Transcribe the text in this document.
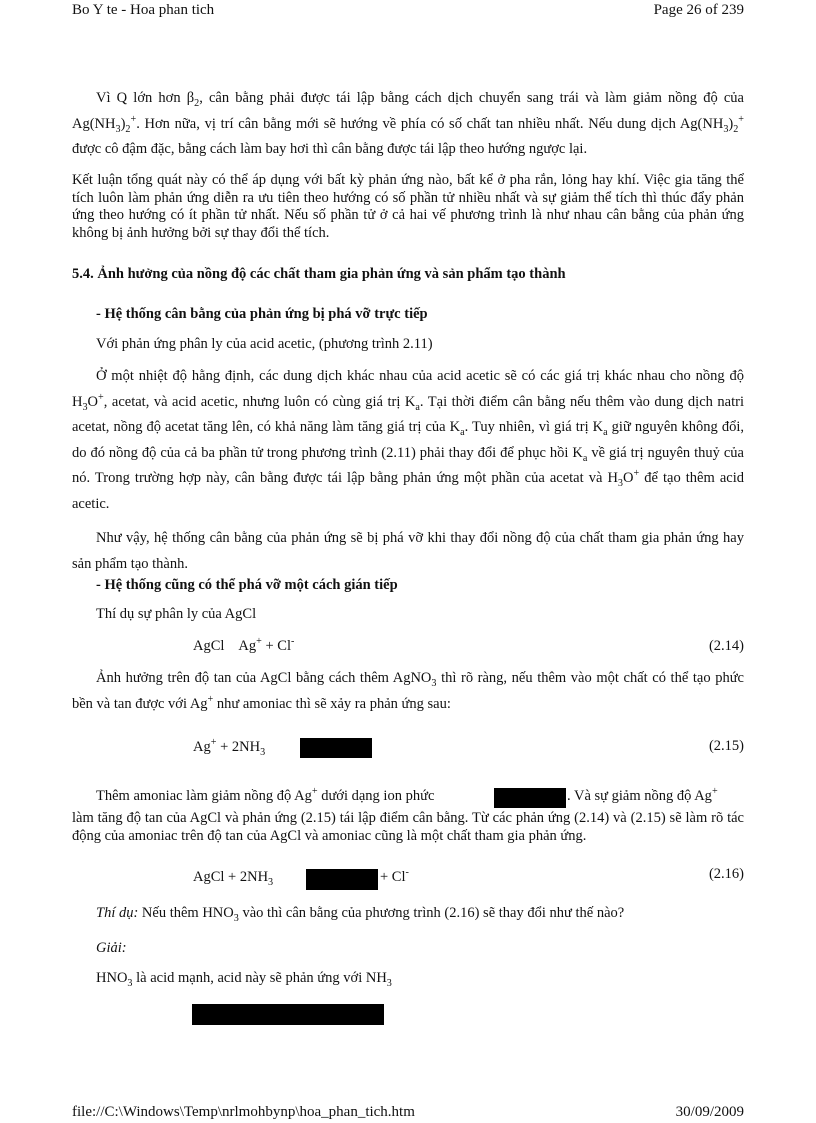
Bo Y te - Hoa phan tich	Page 26 of 239
Vì Q lớn hơn $\beta_2$, cân bằng phải được tái lập bằng cách dịch chuyển sang trái và làm giảm nồng độ của $Ag(NH_3)_2^+$. Hơn nữa, vị trí cân bằng mới sẽ hướng về phía có số chất tan nhiều nhất. Nếu dung dịch $Ag(NH_3)_2^+$ được cô đậm đặc, bằng cách làm bay hơi thì cân bằng được tái lập theo hướng ngược lại.
Kết luận tổng quát này có thể áp dụng với bất kỳ phản ứng nào, bất kể ở pha rắn, lỏng hay khí. Việc gia tăng thể tích luôn làm phản ứng diễn ra ưu tiên theo hướng có số phần tử nhiều nhất và sự giảm thể tích thì thúc đẩy phản ứng theo hướng có ít phần tử nhất. Nếu số phần tử ở cả hai vế phương trình là như nhau cân bằng của phản ứng không bị ảnh hưởng bởi sự thay đổi thể tích.
5.4. Ảnh hưởng của nồng độ các chất tham gia phản ứng và sản phẩm tạo thành
- Hệ thống cân bằng của phản ứng bị phá vỡ trực tiếp
Với phản ứng phân ly của acid acetic, (phương trình 2.11)
Ở một nhiệt độ hằng định, các dung dịch khác nhau của acid acetic sẽ có các giá trị khác nhau cho nồng độ $H_3O^+$, acetat, và acid acetic, nhưng luôn có cùng giá trị $K_a$. Tại thời điểm cân bằng nếu thêm vào dung dịch natri acetat, nồng độ acetat tăng lên, có khả năng làm tăng giá trị của $K_a$. Tuy nhiên, vì giá trị $K_a$ giữ nguyên không đổi, do đó nồng độ của cả ba phần tử trong phương trình (2.11) phải thay đổi để phục hồi $K_a$ về giá trị nguyên thuỷ của nó. Trong trường hợp này, cân bằng được tái lập bằng phản ứng một phần của acetat và $H_3O^+$ để tạo thêm acid acetic.
Như vậy, hệ thống cân bằng của phản ứng sẽ bị phá vỡ khi thay đổi nồng độ của chất tham gia phản ứng hay sản phẩm tạo thành.
- Hệ thống cũng có thể phá vỡ một cách gián tiếp
Thí dụ sự phân ly của AgCl
AgCl Ag+ + Cl-	(2.14)
Ảnh hưởng trên độ tan của AgCl bằng cách thêm AgNO$_3$ thì rõ ràng, nếu thêm vào một chất có thể tạo phức bền và tan được với Ag+ như amoniac thì sẽ xảy ra phản ứng sau:
$Ag^+ + 2NH_3$	(2.15)
Thêm amoniac làm giảm nồng độ Ag+ dưới dạng ion phức	. Và sự giảm nồng độ Ag+
làm tăng độ tan của AgCl và phản ứng (2.15) tái lập điểm cân bằng. Từ các phản ứng (2.14) và (2.15) sẽ làm rõ tác động của amoniac trên độ tan của AgCl và amoniac cũng là một chất tham gia phản ứng.
AgCl + $2NH_3$	+ Cl-	(2.16)
Thí dụ: Nếu thêm $HNO_3$ vào thì cân bằng của phương trình (2.16) sẽ thay đổi như thế nào?
Giải:
$HNO_3$ là acid mạnh, acid này sẽ phản ứng với $NH_3$
file://C:\Windows\Temp\nrlmohbynp\hoa_phan_tich.htm	30/09/2009
